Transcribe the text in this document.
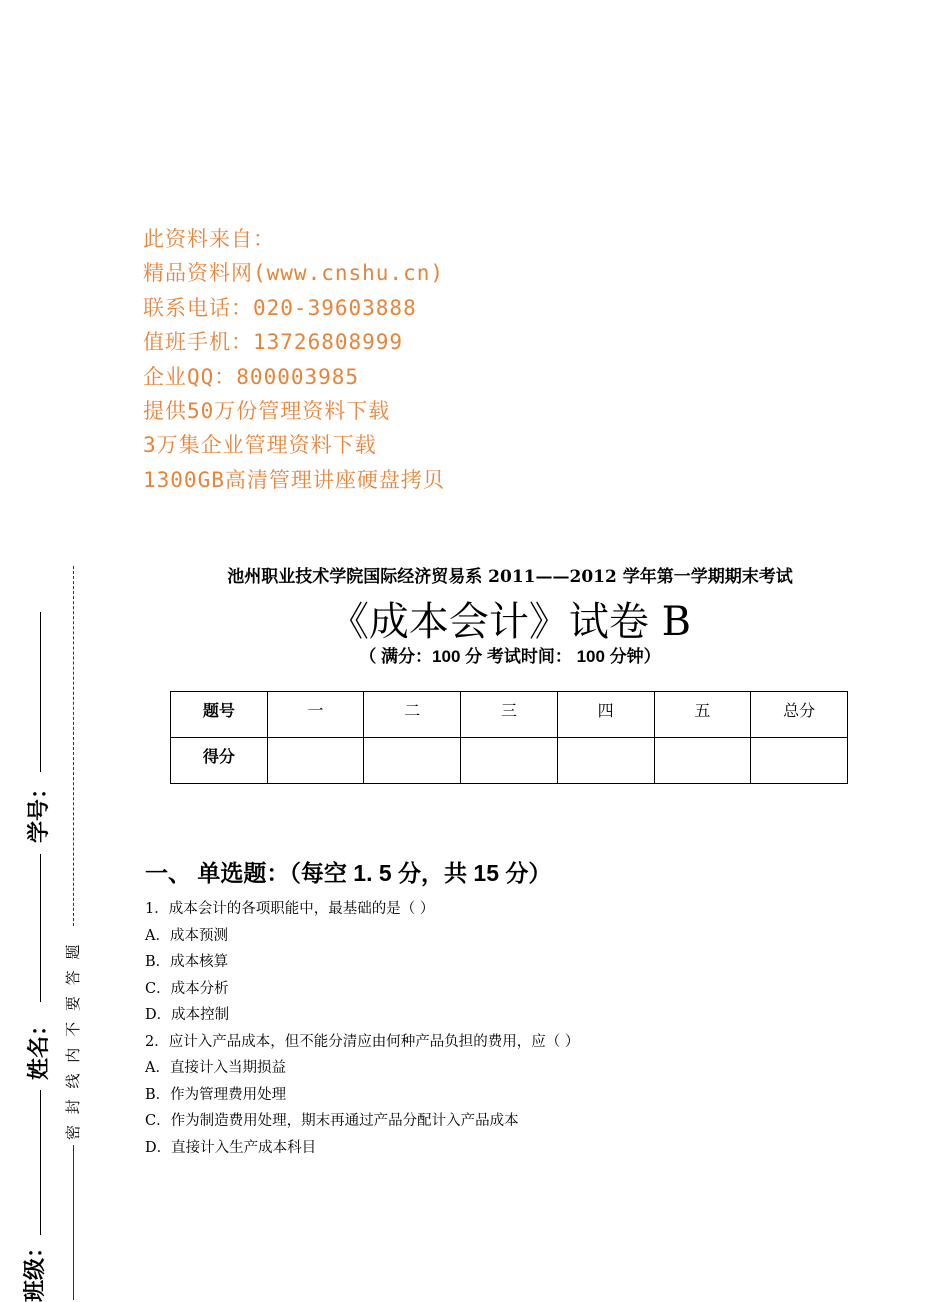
此资料来自：
精品资料网(www.cnshu.cn)
联系电话：020-39603888
值班手机：13726808999
企业QQ：800003985
提供50万份管理资料下载
3万集企业管理资料下载
1300GB高清管理讲座硬盘拷贝
池州职业技术学院国际经济贸易系 2011——2012 学年第一学期期末考试
《成本会计》试卷 B
（ 满分：100 分 考试时间： 100 分钟）
题号	一	二	三	四	五	总分
得分						
一、 单选题：（每空 1. 5 分，共 15 分）
1．成本会计的各项职能中，最基础的是（ ）
A．成本预测
B．成本核算
C．成本分析
D．成本控制
2．应计入产品成本，但不能分清应由何种产品负担的费用，应（ ）
A．直接计入当期损益
B．作为管理费用处理
C．作为制造费用处理，期末再通过产品分配计入产品成本
D．直接计入生产成本科目
学号：
姓名：
班级：
密 封 线 内 不 要 答 题
